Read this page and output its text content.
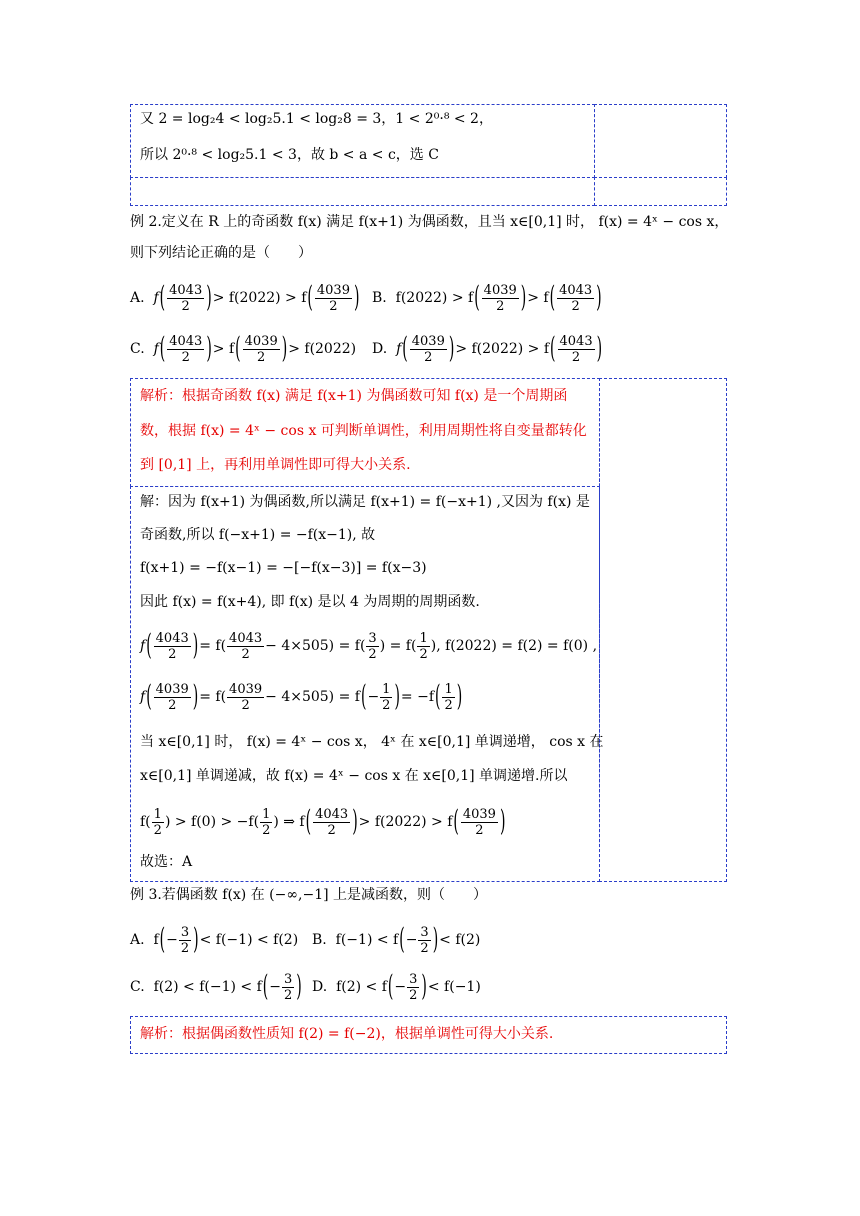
又 2 = log₂4 < log₂5.1 < log₂8 = 3，1 < 2⁰·⁸ < 2，
所以 2⁰·⁸ < log₂5.1 < 3，故 b < a < c，选 C
例 2.定义在 R 上的奇函数 f(x) 满足 f(x+1) 为偶函数，且当 x∈[0,1] 时， f(x) = 4ˣ − cos x，
则下列结论正确的是（　　）
A.
f ( $\frac{4043}{2}$ ) > f(2022) > f ( $\frac{4039}{2}$ ) B.
f(2022) > f ( $\frac{4039}{2}$ ) > f ( $\frac{4043}{2}$ )
C.
f ( $\frac{4043}{2}$ ) > f ( $\frac{4039}{2}$ ) > f(2022) D.
f ( $\frac{4039}{2}$ ) > f(2022) > f ( $\frac{4043}{2}$ )
解析：根据奇函数 f(x) 满足 f(x+1) 为偶函数可知 f(x) 是一个周期函
数，根据 f(x) = 4ˣ − cos x 可判断单调性，利用周期性将自变量都转化
到 [0,1] 上，再利用单调性即可得大小关系.
解：因为 f(x+1) 为偶函数,所以满足 f(x+1) = f(−x+1) ,又因为 f(x) 是
奇函数,所以 f(−x+1) = −f(x−1), 故
f(x+1) = −f(x−1) = −[−f(x−3)] = f(x−3)
因此 f(x) = f(x+4), 即 f(x) 是以 4 为周期的周期函数.
f ( $\frac{4043}{2}$ ) = $f( \frac{4043}{2} - 4\times 505) = f( \frac{3}{2}$ ) = $f( \frac{1}{2}$ ), f(2022) = f(2) = f(0) ,
f ( $\frac{4039}{2}$ ) = $f( \frac{4039}{2} - 4\times 505) = f$ ( − $\frac{1}{2}$ ) = −f ( $\frac{1}{2}$ )
当 x∈[0,1] 时， f(x) = 4ˣ − cos x， 4ˣ 在 x∈[0,1] 单调递增， cos x 在
x∈[0,1] 单调递减，故 f(x) = 4ˣ − cos x 在 x∈[0,1] 单调递增.所以
$f( \frac{1}{2}$ ) > $f(0) > -f( \frac{1}{2}$ ) ⇒ f ( $\frac{4043}{2}$ ) > f(2022) > f ( $\frac{4039}{2}$ )
故选：A
例 3.若偶函数 f(x) 在 (−∞,−1] 上是减函数，则（　　）
A.
f ( − $\frac{3}{2}$ ) < f(−1) < f(2) B.
f(−1) < f ( − $\frac{3}{2}$ ) < f(2)
C.
f(2) < f(−1) < f ( − $\frac{3}{2}$ ) D.
f(2) < f ( − $\frac{3}{2}$ ) < f(−1)
解析：根据偶函数性质知 f(2) = f(−2)，根据单调性可得大小关系.
